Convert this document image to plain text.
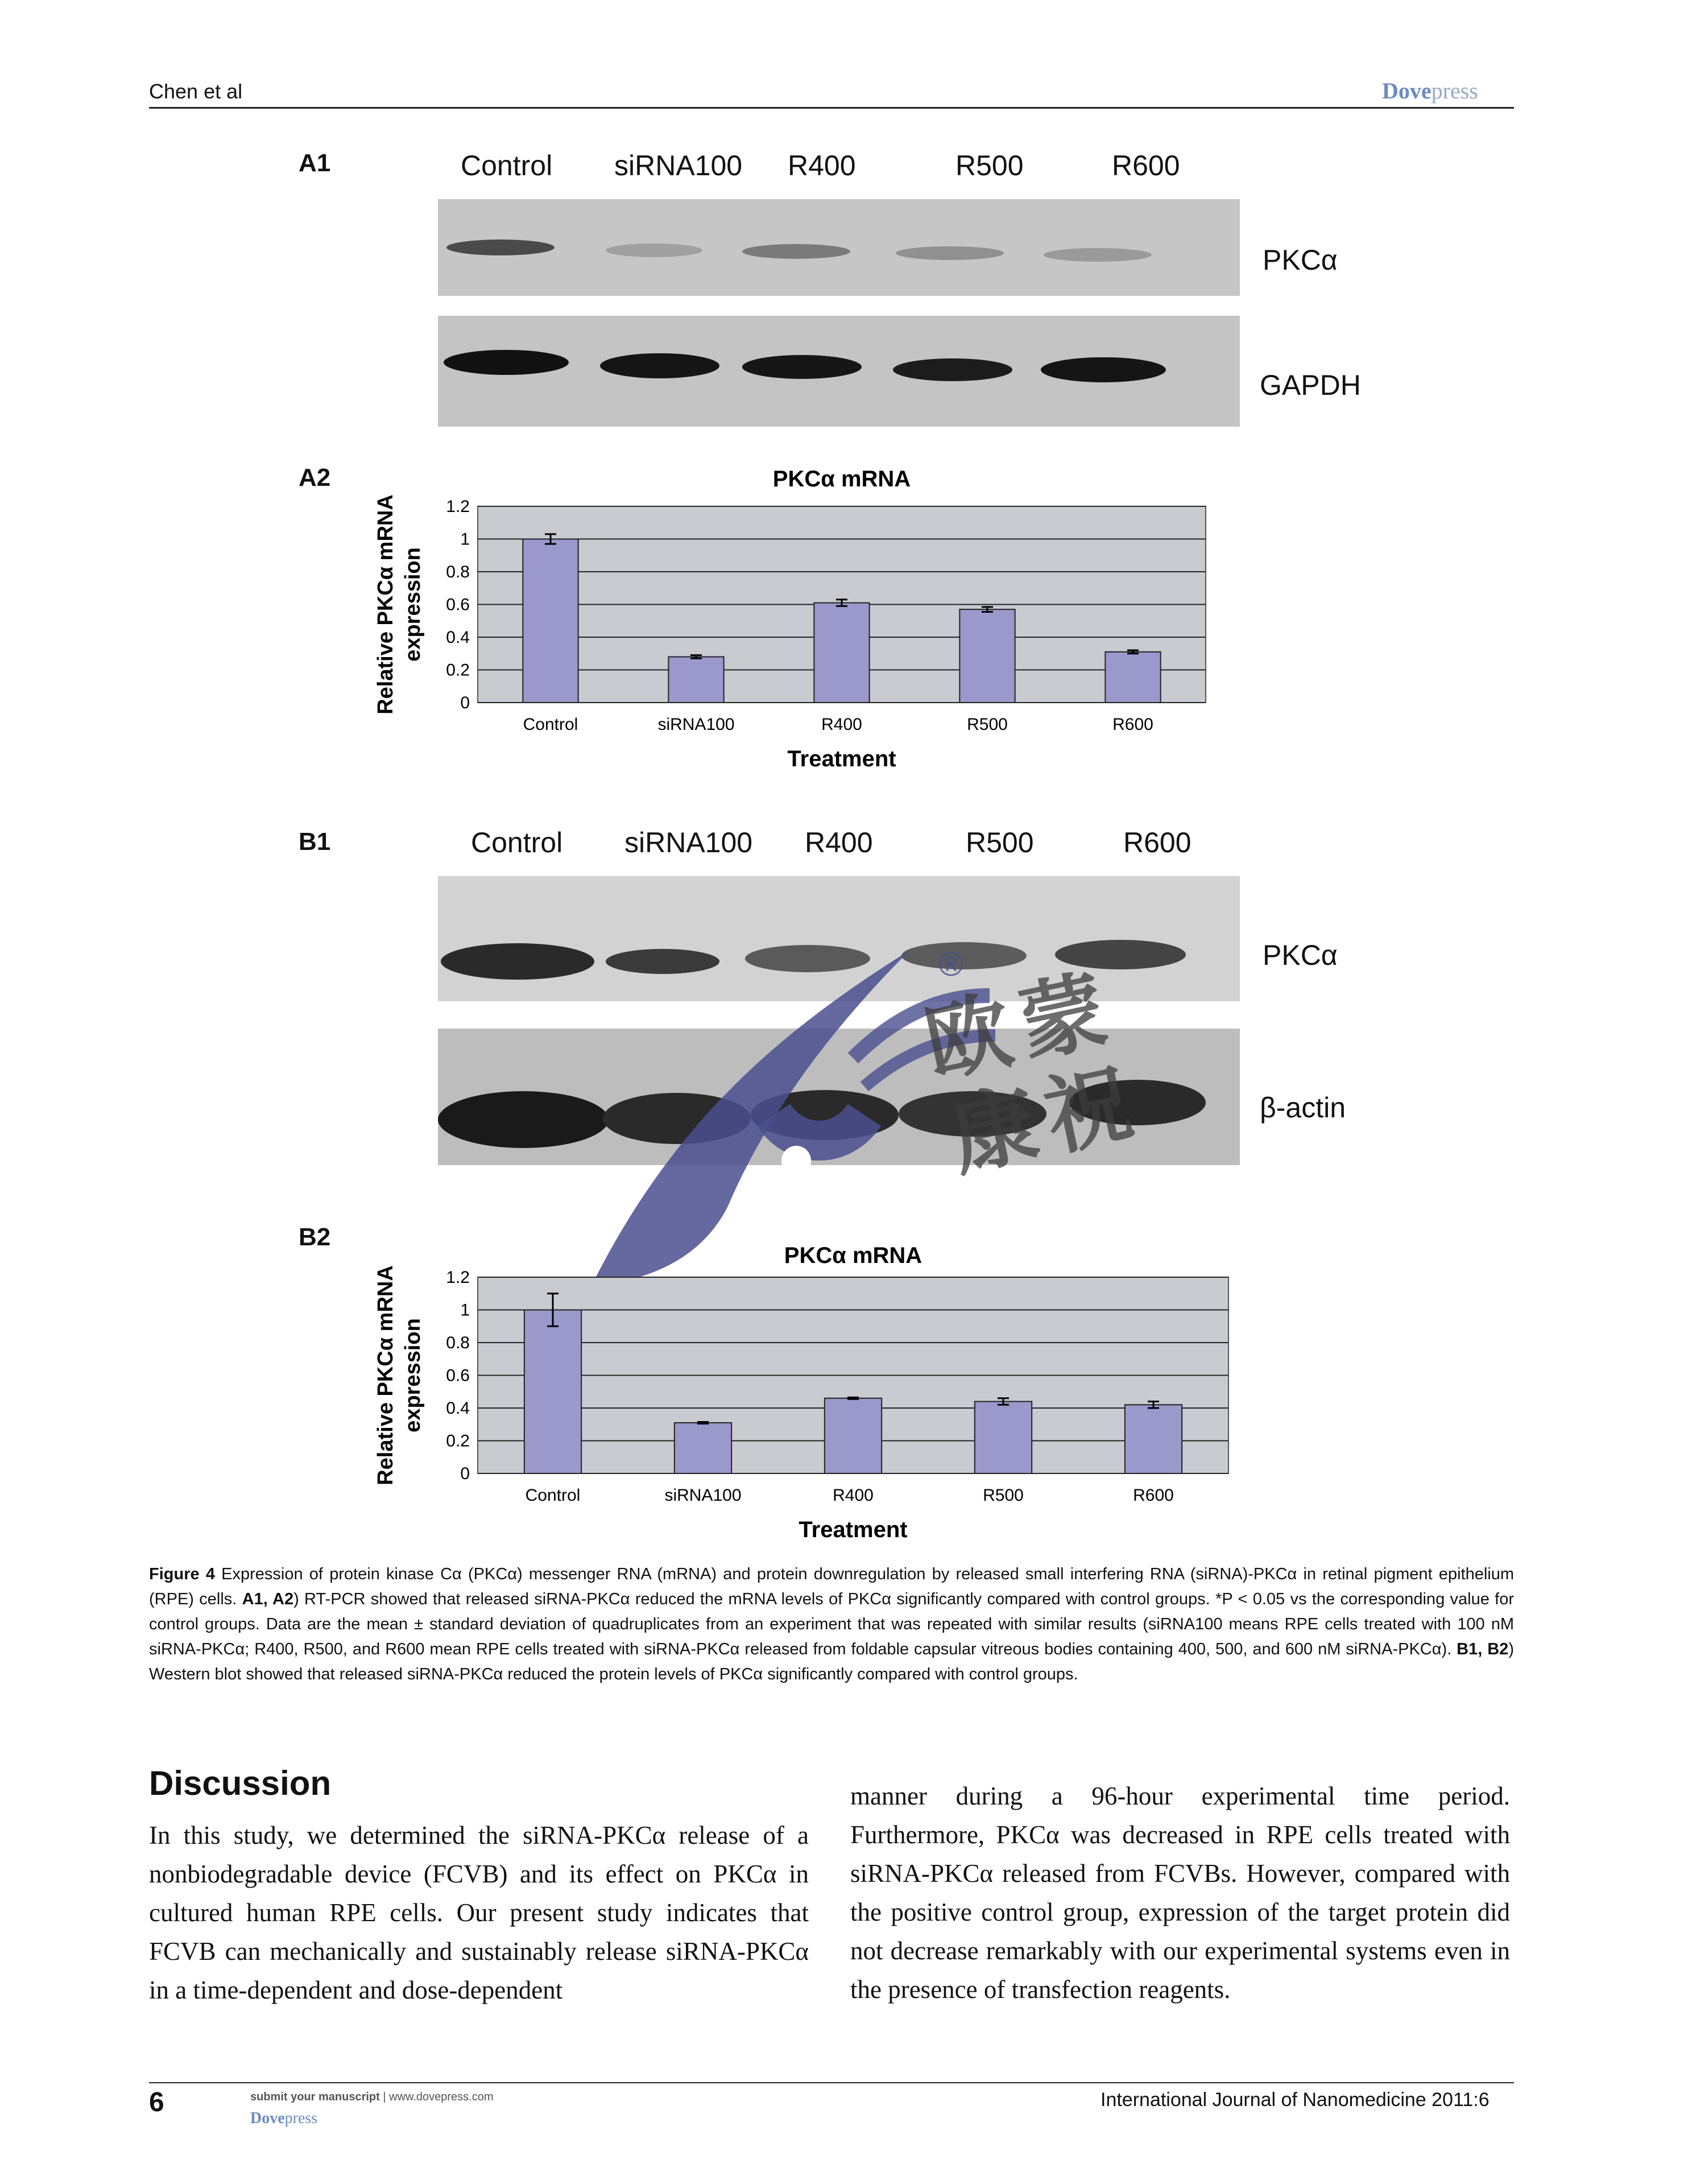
Chen et al	Dovepress
A1	Control siRNA100 R400	R500	R600
PKCα
GAPDH
A2	PKCα mRNA
0
0.2
0.4
0.6
0.8
1
1.2
Control	siRNA100	R400	R500	R600
Treatment
Relative PKCα mRNA expression
B1	Control siRNA100 R400	R500	R600
PKCα
β-actin
®
欧
蒙
康
祝
B2
PKCα mRNA
0
0.2
0.4
0.6
0.8
1
1.2
Control	siRNA100	R400	R500	R600
Treatment
Relative PKCα mRNA expression
Figure 4 Expression of protein kinase Cα (PKCα) messenger RNA (mRNA) and protein downregulation by released small interfering RNA (siRNA)-PKCα in retinal pigment epithelium (RPE) cells. A1, A2) RT-PCR showed that released siRNA-PKCα reduced the mRNA levels of PKCα significantly compared with control groups. *P < 0.05 vs the corresponding value for control groups. Data are the mean ± standard deviation of quadruplicates from an experiment that was repeated with similar results (siRNA100 means RPE cells treated with 100 nM siRNA-PKCα; R400, R500, and R600 mean RPE cells treated with siRNA-PKCα released from foldable capsular vitreous bodies containing 400, 500, and 600 nM siRNA-PKCα). B1, B2) Western blot showed that released siRNA-PKCα reduced the protein levels of PKCα significantly compared with control groups.
Discussion
In this study, we determined the siRNA-PKCα release of a nonbiodegradable device (FCVB) and its effect on PKCα in cultured human RPE cells. Our present study indicates that FCVB can mechanically and sustainably release siRNA-PKCα in a time-dependent and dose-dependent
manner during a 96-hour experimental time period. Furthermore, PKCα was decreased in RPE cells treated with siRNA-PKCα released from FCVBs. However, compared with the positive control group, expression of the target protein did not decrease remarkably with our experimental systems even in the presence of transfection reagents.
6	submit your manuscript | www.dovepress.com
Dovepress
International Journal of Nanomedicine 2011:6
